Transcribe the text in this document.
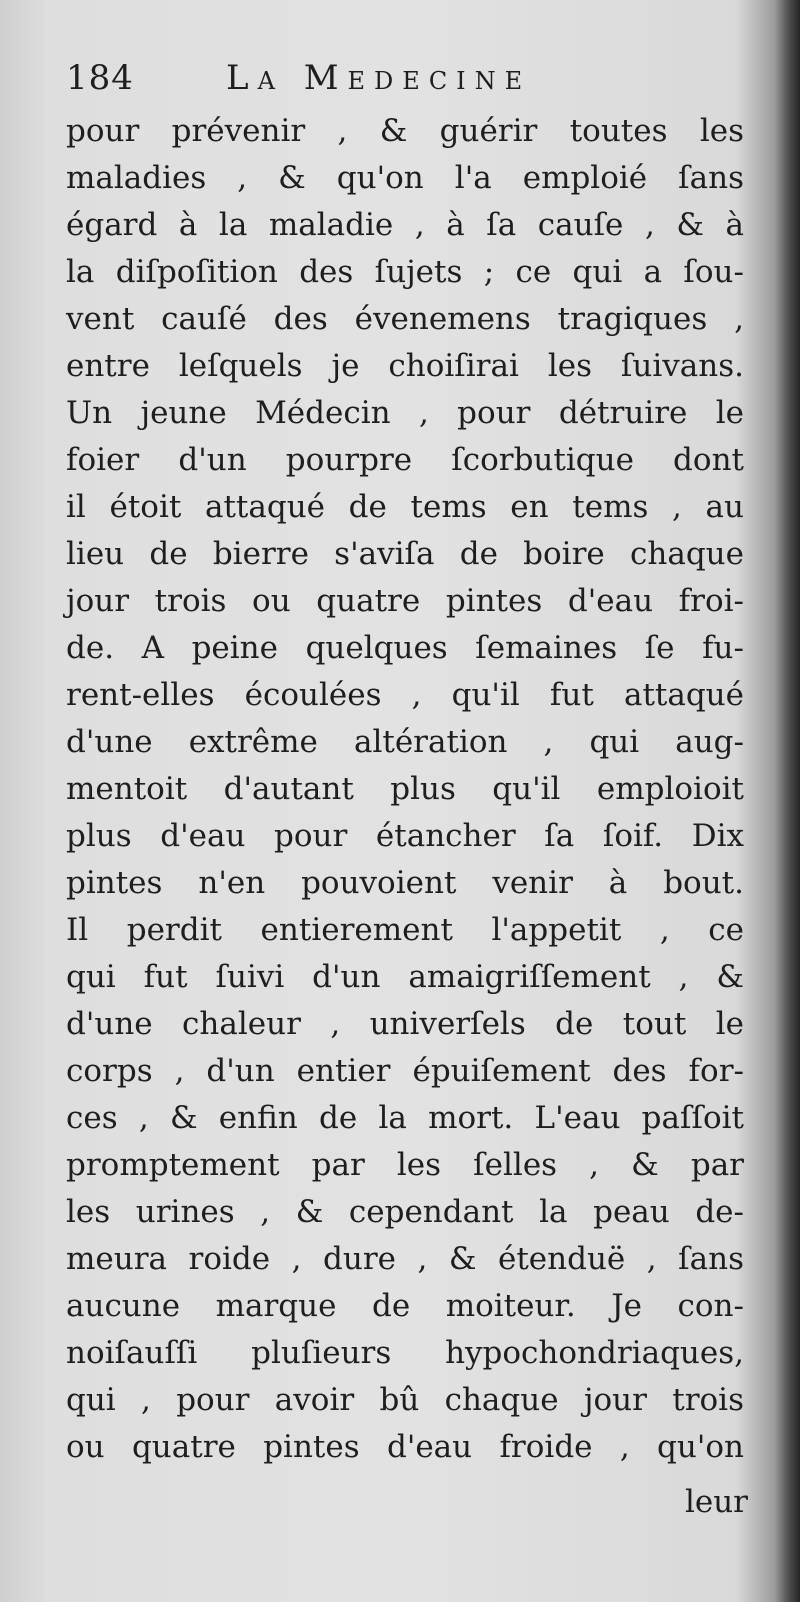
184	La Medecine
pour prévenir , & guérir toutes les
maladies , & qu'on l'a emploié ſans
égard à la maladie , à ſa cauſe , & à
la diſpoſition des ſujets ; ce qui a ſou-
vent cauſé des évenemens tragiques ,
entre leſquels je choiſirai les ſuivans.
Un jeune Médecin , pour détruire le
foier d'un pourpre ſcorbutique dont
il étoit attaqué de tems en tems , au
lieu de bierre s'aviſa de boire chaque
jour trois ou quatre pintes d'eau froi-
de. A peine quelques ſemaines ſe fu-
rent-elles écoulées , qu'il fut attaqué
d'une extrême altération , qui aug-
mentoit d'autant plus qu'il emploioit
plus d'eau pour étancher ſa ſoif. Dix
pintes n'en pouvoient venir à bout.
Il perdit entierement l'appetit , ce
qui fut ſuivi d'un amaigriſſement , &
d'une chaleur , univerſels de tout le
corps , d'un entier épuiſement des for-
ces , & enfin de la mort. L'eau paſſoit
promptement par les ſelles , & par
les urines , & cependant la peau de-
meura roide , dure , & étenduë , ſans
aucune marque de moiteur. Je con-
noiſauſſi pluſieurs hypochondriaques,
qui , pour avoir bû chaque jour trois
ou quatre pintes d'eau froide , qu'on
leur
